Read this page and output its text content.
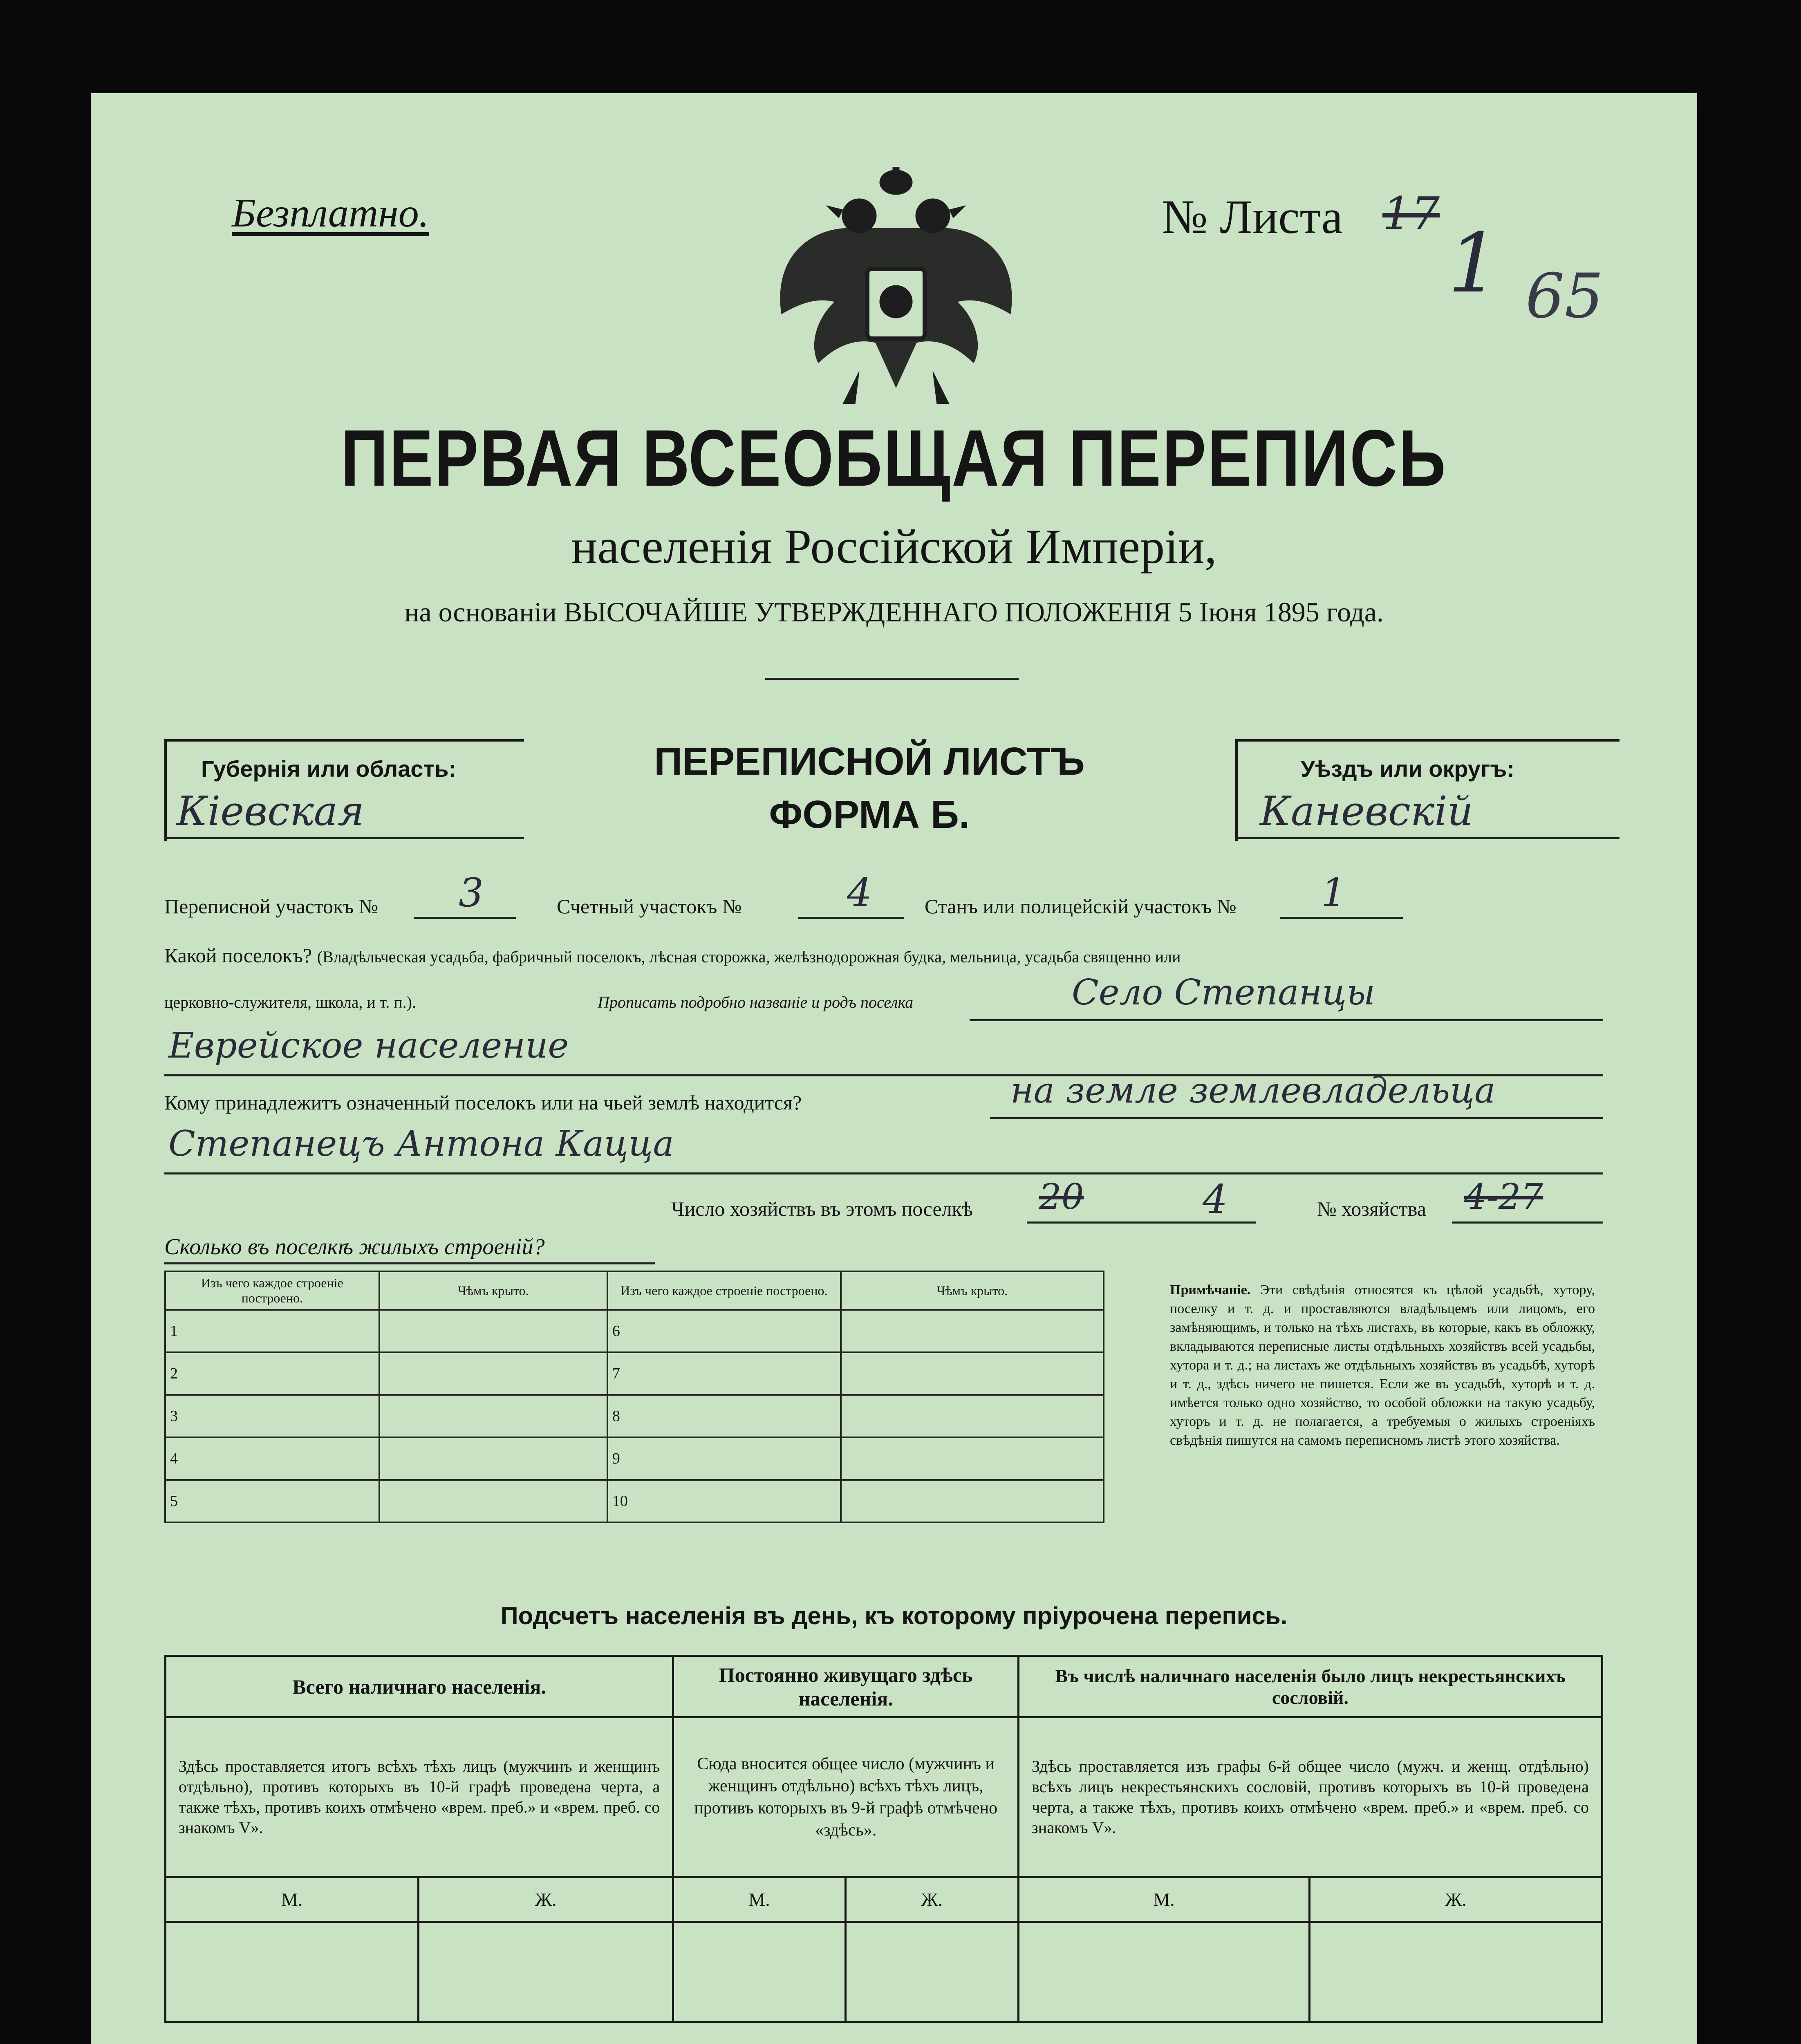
Безплатно.	№ Листа 17
1 65
ПЕРВАЯ ВСЕОБЩАЯ ПЕРЕПИСЬ
населенія Россійской Имперіи,
на основаніи ВЫСОЧАЙШЕ УТВЕРЖДЕННАГО ПОЛОЖЕНІЯ 5 Іюня 1895 года.
Губернія или область:
Кіевская
ПЕРЕПИСНОЙ ЛИСТЪ
ФОРМА Б.
Уѣздъ или округъ:
Каневскій
Переписной участокъ № 3	Счетный участокъ №	4	Станъ или полицейскій участокъ № 1
Какой поселокъ? (Владѣльческая усадьба, фабричный поселокъ, лѣсная сторожка, желѣзнодорожная будка, мельница, усадьба священно или
церковно-служителя, школа, и т. п.).	Прописать подробно названіе и родъ поселка	Село Степанцы
Еврейское население
Кому принадлежитъ означенный поселокъ или на чьей землѣ находится?	на земле землевладельца
Степанецъ Антона Кацца
Число хозяйствъ въ этомъ поселкѣ 20	4	№ хозяйства 4-27
Сколько въ поселкѣ жилыхъ строеній?
Изъ чего каждое строеніе построено.	Чѣмъ крыто.	Изъ чего каждое строеніе построено.	Чѣмъ крыто.
1		6	
2		7	
3		8	
4		9	
5		10	
Примѣчаніе. Эти свѣдѣнія относятся къ цѣлой усадьбѣ, хутору, поселку и т. д. и проставляются владѣльцемъ или лицомъ, его замѣняющимъ, и только на тѣхъ листахъ, въ которые, какъ въ обложку, вкладываются переписные листы отдѣльныхъ хозяйствъ всей усадьбы, хутора и т. д.; на листахъ же отдѣльныхъ хозяйствъ въ усадьбѣ, хуторѣ и т. д., здѣсь ничего не пишется. Если же въ усадьбѣ, хуторѣ и т. д. имѣется только одно хозяйство, то особой обложки на такую усадьбу, хуторъ и т. д. не полагается, а требуемыя о жилыхъ строеніяхъ свѣдѣнія пишутся на самомъ переписномъ листѣ этого хозяйства.
Подсчетъ населенія въ день, къ которому пріурочена перепись.
Всего наличнаго населенія.		Постоянно живущаго здѣсь населенія.		Въ числѣ наличнаго населенія было лицъ некрестьянскихъ сословій.	
Здѣсь проставляется итогъ всѣхъ тѣхъ лицъ (мужчинъ и женщинъ отдѣльно), противъ которыхъ въ 10-й графѣ проведена черта, а также тѣхъ, противъ коихъ отмѣчено «врем. преб.» и «врем. преб. со знакомъ V».		Сюда вносится общее число (мужчинъ и женщинъ отдѣльно) всѣхъ тѣхъ лицъ, противъ которыхъ въ 9-й графѣ отмѣчено «здѣсь».		Здѣсь проставляется изъ графы 6-й общее число (мужч. и женщ. отдѣльно) всѣхъ лицъ некрестьянскихъ сословій, противъ которыхъ въ 10-й проведена черта, а также тѣхъ, противъ коихъ отмѣчено «врем. преб.» и «врем. преб. со знакомъ V».	
М.	Ж.	М.	Ж.	М.	Ж.
